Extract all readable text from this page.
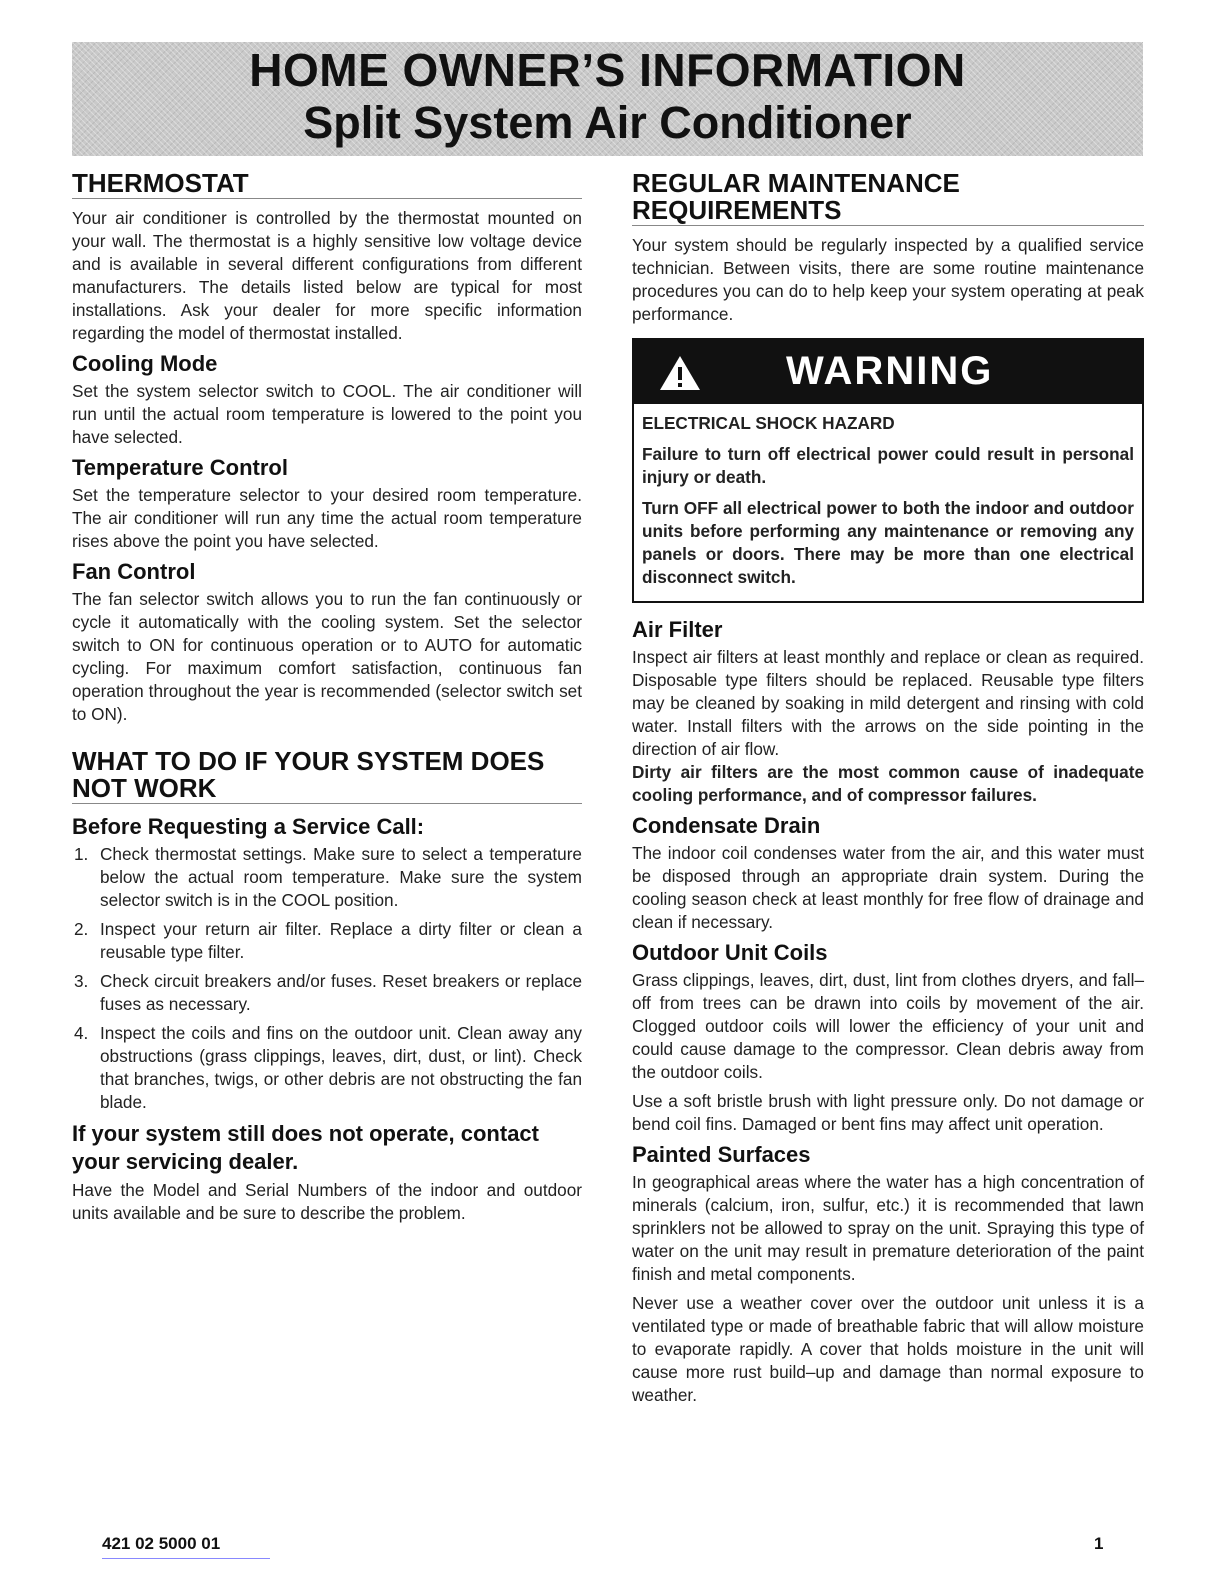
HOME OWNER’S INFORMATION
Split System Air Conditioner
THERMOSTAT

Your air conditioner is controlled by the thermostat mounted on your wall. The thermostat is a highly sensitive low voltage device and is available in several different configurations from different manufacturers. The details listed below are typical for most installations. Ask your dealer for more specific information regarding the model of thermostat installed.

Cooling Mode

Set the system selector switch to COOL. The air conditioner will run until the actual room temperature is lowered to the point you have selected.

Temperature Control

Set the temperature selector to your desired room temperature. The air conditioner will run any time the actual room temperature rises above the point you have selected.

Fan Control

The fan selector switch allows you to run the fan continuously or cycle it automatically with the cooling system. Set the selector switch to ON for continuous operation or to AUTO for automatic cycling. For maximum comfort satisfaction, continuous fan operation throughout the year is recommended (selector switch set to ON).

WHAT TO DO IF YOUR SYSTEM DOES NOT WORK
Before Requesting a Service Call:
1. Check thermostat settings. Make sure to select a temperature below the actual room temperature. Make sure the system selector switch is in the COOL position.
2. Inspect your return air filter. Replace a dirty filter or clean a reusable type filter.
3. Check circuit breakers and/or fuses. Reset breakers or replace fuses as necessary.
4. Inspect the coils and fins on the outdoor unit. Clean away any obstructions (grass clippings, leaves, dirt, dust, or lint). Check that branches, twigs, or other debris are not obstructing the fan blade.
If your system still does not operate, contact your servicing dealer.

Have the Model and Serial Numbers of the indoor and outdoor units available and be sure to describe the problem.

REGULAR MAINTENANCE REQUIREMENTS

Your system should be regularly inspected by a qualified service technician. Between visits, there are some routine maintenance procedures you can do to help keep your system operating at peak performance.

WARNING

ELECTRICAL SHOCK HAZARD

Failure to turn off electrical power could result in personal injury or death.

Turn OFF all electrical power to both the indoor and outdoor units before performing any maintenance or removing any panels or doors. There may be more than one electrical disconnect switch.

Air Filter

Inspect air filters at least monthly and replace or clean as required. Disposable type filters should be replaced. Reusable type filters may be cleaned by soaking in mild detergent and rinsing with cold water. Install filters with the arrows on the side pointing in the direction of air flow.

Dirty air filters are the most common cause of inadequate cooling performance, and of compressor failures.

Condensate Drain

The indoor coil condenses water from the air, and this water must be disposed through an appropriate drain system. During the cooling season check at least monthly for free flow of drainage and clean if necessary.

Outdoor Unit Coils

Grass clippings, leaves, dirt, dust, lint from clothes dryers, and fall–off from trees can be drawn into coils by movement of the air. Clogged outdoor coils will lower the efficiency of your unit and could cause damage to the compressor. Clean debris away from the outdoor coils.

Use a soft bristle brush with light pressure only. Do not damage or bend coil fins. Damaged or bent fins may affect unit operation.

Painted Surfaces

In geographical areas where the water has a high concentration of minerals (calcium, iron, sulfur, etc.) it is recommended that lawn sprinklers not be allowed to spray on the unit. Spraying this type of water on the unit may result in premature deterioration of the paint finish and metal components.

Never use a weather cover over the outdoor unit unless it is a ventilated type or made of breathable fabric that will allow moisture to evaporate rapidly. A cover that holds moisture in the unit will cause more rust build–up and damage than normal exposure to weather.

421 02 5000 01	1
